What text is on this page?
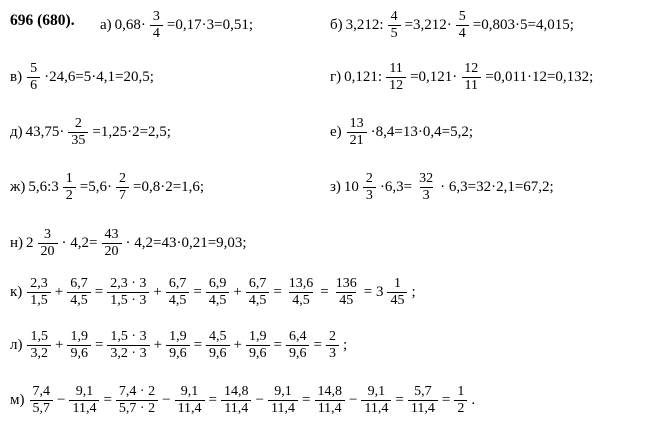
696 (680). а) $0,68\cdot \frac{3}{4} =0,17\cdot 3=0,51$;	б) 3,212: $\frac{4}{5} =3,212\cdot \frac{5}{4} =0,803\cdot 5=4,015$;
$в) \frac{5}{6} \cdot 24,6=5\cdot 4,1=20,5$;	г) 0,121: $\frac{11}{12} =0,121\cdot \frac{12}{11} =0,011\cdot 12=0,132$;
д) $43,75\cdot \frac{2}{35} =1,25\cdot 2=2,5$;	$е) \frac{13}{21} \cdot 8,4=13\cdot 0,4=5,2$;
ж) 5,6:3 $\frac{1}{2} =5,6\cdot \frac{2}{7} =0,8\cdot 2=1,6$;	з) $10 \frac{2}{3} \cdot 6,3= \frac{32}{3} \cdot 6,3=32\cdot 2,1=67,2$;
н) $2 \frac{3}{20} \cdot 4,2= \frac{43}{20} \cdot 4,2=43\cdot 0,21=9,03$;
$к) \frac{2,3}{1,5} + \frac{6,7}{4,5} = \frac{2,3 \cdot 3}{1,5 \cdot 3} + \frac{6,7}{4,5} = \frac{6,9}{4,5} + \frac{6,7}{4,5} = \frac{13,6}{4,5} = \frac{136}{45} = 3 \frac{1}{45}$ ;
$л) \frac{1,5}{3,2} + \frac{1,9}{9,6} = \frac{1,5 \cdot 3}{3,2 \cdot 3} + \frac{1,9}{9,6} = \frac{4,5}{9,6} + \frac{1,9}{9,6} = \frac{6,4}{9,6} = \frac{2}{3}$ ;
$м) \frac{7,4}{5,7} - \frac{9,1}{11,4} = \frac{7,4 \cdot 2}{5,7 \cdot 2} - \frac{9,1}{11,4} = \frac{14,8}{11,4} - \frac{9,1}{11,4} = \frac{14,8}{11,4} - \frac{9,1}{11,4} = \frac{5,7}{11,4} = \frac{1}{2}$ .
